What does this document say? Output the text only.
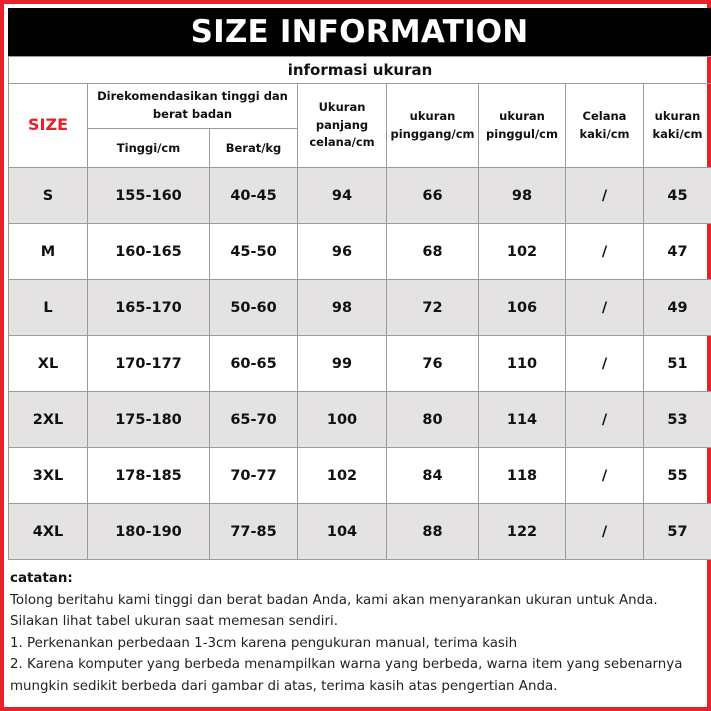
SIZE INFORMATION
informasi ukuran							
SIZE	Direkomendasikan tinggi dan berat badan		Ukuran panjang celana/cm	ukuran pinggang/cm	ukuran pinggul/cm	Celana kaki/cm	ukuran kaki/cm
	Tinggi/cm	Berat/kg					
S	155-160	40-45	94	66	98	/	45
M	160-165	45-50	96	68	102	/	47
L	165-170	50-60	98	72	106	/	49
XL	170-177	60-65	99	76	110	/	51
2XL	175-180	65-70	100	80	114	/	53
3XL	178-185	70-77	102	84	118	/	55
4XL	180-190	77-85	104	88	122	/	57
catatan:
Tolong beritahu kami tinggi dan berat badan Anda, kami akan menyarankan ukuran untuk Anda.
Silakan lihat tabel ukuran saat memesan sendiri.
1. Perkenankan perbedaan 1-3cm karena pengukuran manual, terima kasih
2. Karena komputer yang berbeda menampilkan warna yang berbeda, warna item yang sebenarnya mungkin sedikit berbeda dari gambar di atas, terima kasih atas pengertian Anda.
